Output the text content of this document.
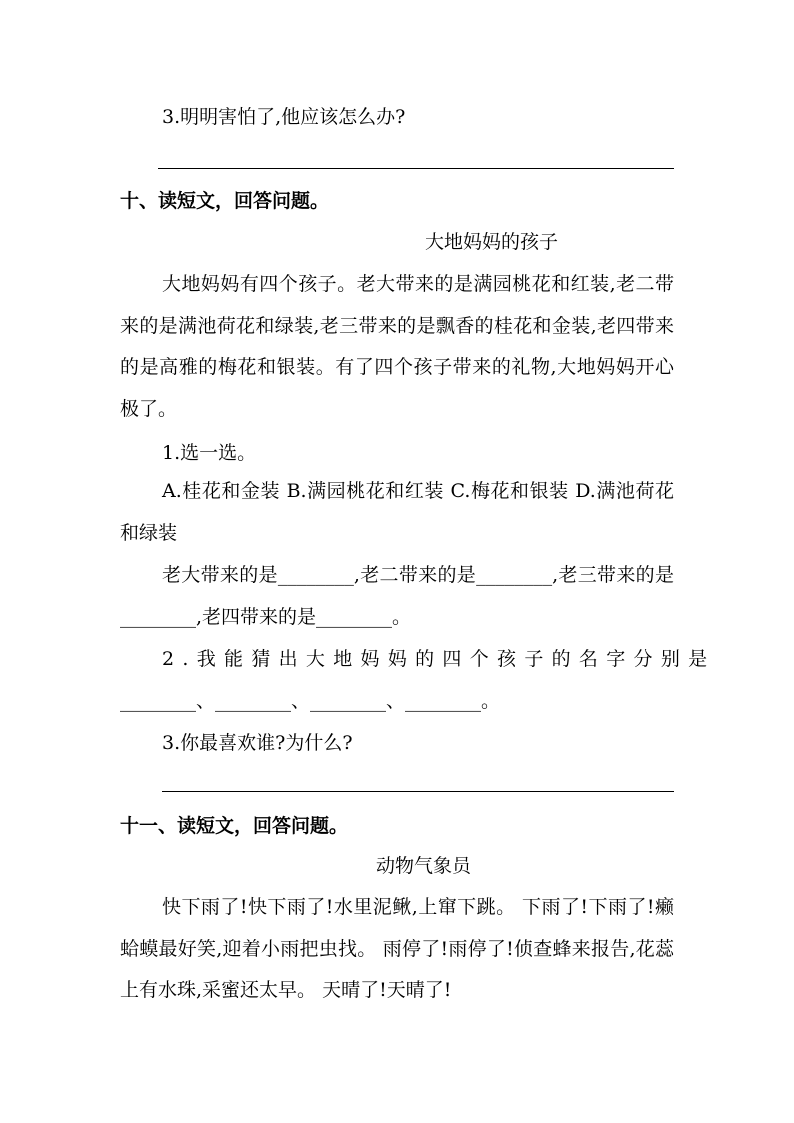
3.明明害怕了,他应该怎么办?
十、读短文，回答问题。
大地妈妈的孩子
大地妈妈有四个孩子。老大带来的是满园桃花和红装,老二带来的是满池荷花和绿装,老三带来的是飘香的桂花和金装,老四带来的是高雅的梅花和银装。有了四个孩子带来的礼物,大地妈妈开心极了。
1.选一选。
A.桂花和金装 B.满园桃花和红装 C.梅花和银装 D.满池荷花和绿装
老大带来的是________,老二带来的是________,老三带来的是________,老四带来的是________。
2.我能猜出大地妈妈的四个孩子的名字分别是
________、________、________、________。
3.你最喜欢谁?为什么?
十一、读短文，回答问题。
动物气象员
快下雨了!快下雨了!水里泥鳅,上窜下跳。 下雨了!下雨了!癞蛤蟆最好笑,迎着小雨把虫找。 雨停了!雨停了!侦查蜂来报告,花蕊上有水珠,采蜜还太早。 天晴了!天晴了!
